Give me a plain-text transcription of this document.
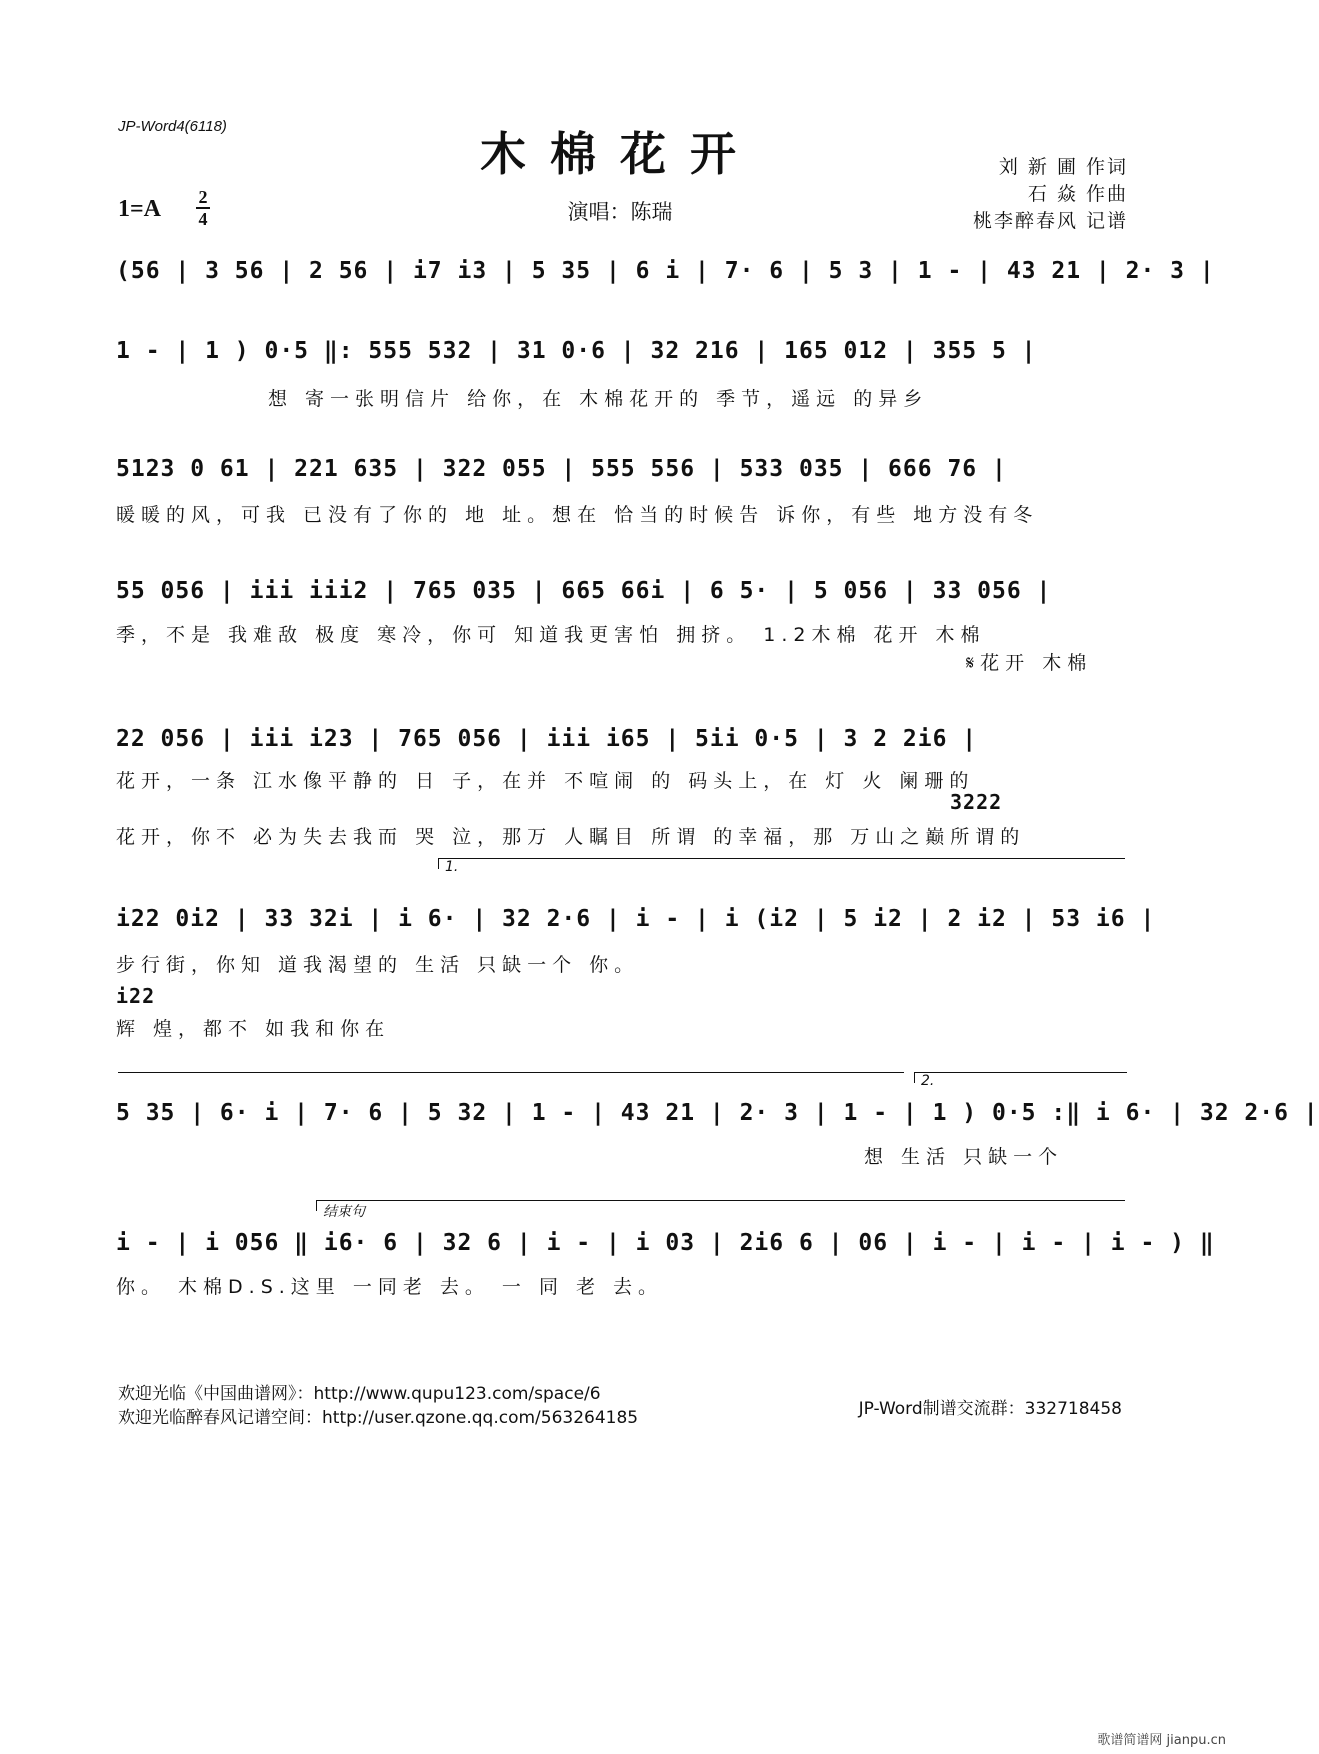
JP-Word4(6118)
木棉花开
1=A 2
4	演唱：陈瑞
刘 新 圃 作词
石 焱 作曲
桃李醉春风 记谱
(56 | 3 56 | 2 56 | i7 i3 | 5 35 | 6 i | 7· 6 | 5 3 | 1 - | 43 21 | 2· 3 |
1 - | 1 ) 0·5 ‖: 555 532 | 31 0·6 | 32 216 | 165 012 | 355 5 |
想 寄一张明信片 给你，在 木棉花开的 季节，遥远 的异乡
5123 0 61 | 221 635 | 322 055 | 555 556 | 533 035 | 666 76 |
暖暖的风，可我 已没有了你的 地 址。想在 恰当的时候告 诉你，有些 地方没有冬
55 056 | iii iii2 | 765 035 | 665 66i | 6 5· | 5 056 | 33 056 |
季，不是 我难敌 极度 寒冷，你可 知道我更害怕 拥挤。 1.2木棉 花开 木棉
𝄋花开 木棉
22 056 | iii i23 | 765 056 | iii i65 | 5ii 0·5 | 3 2 2i6 |
花开，一条 江水像平静的 日 子，在并 不喧闹 的 码头上，在 灯 火 阑珊的
3222
花开，你不 必为失去我而 哭 泣，那万 人瞩目 所谓 的幸福，那 万山之巅所谓的
1.
i22 0i2 | 33 32i | i 6· | 32 2·6 | i - | i (i2 | 5 i2 | 2 i2 | 53 i6 |
步行街，你知 道我渴望的 生活 只缺一个 你。
i22
辉 煌，都不 如我和你在
2.
5 35 | 6· i | 7· 6 | 5 32 | 1 - | 43 21 | 2· 3 | 1 - | 1 ) 0·5 :‖ i 6· | 32 2·6 |
想 生活 只缺一个
结束句
i - | i 056 ‖ i6· 6 | 32 6 | i - | i 03 | 2i6 6 | 06 | i - | i - | i - ) ‖
你。 木棉D.S.这里 一同老 去。 一 同 老 去。
欢迎光临《中国曲谱网》：http://www.qupu123.com/space/6
欢迎光临醉春风记谱空间：http://user.qzone.qq.com/563264185	JP-Word制谱交流群：332718458
歌谱简谱网 jianpu.cn
